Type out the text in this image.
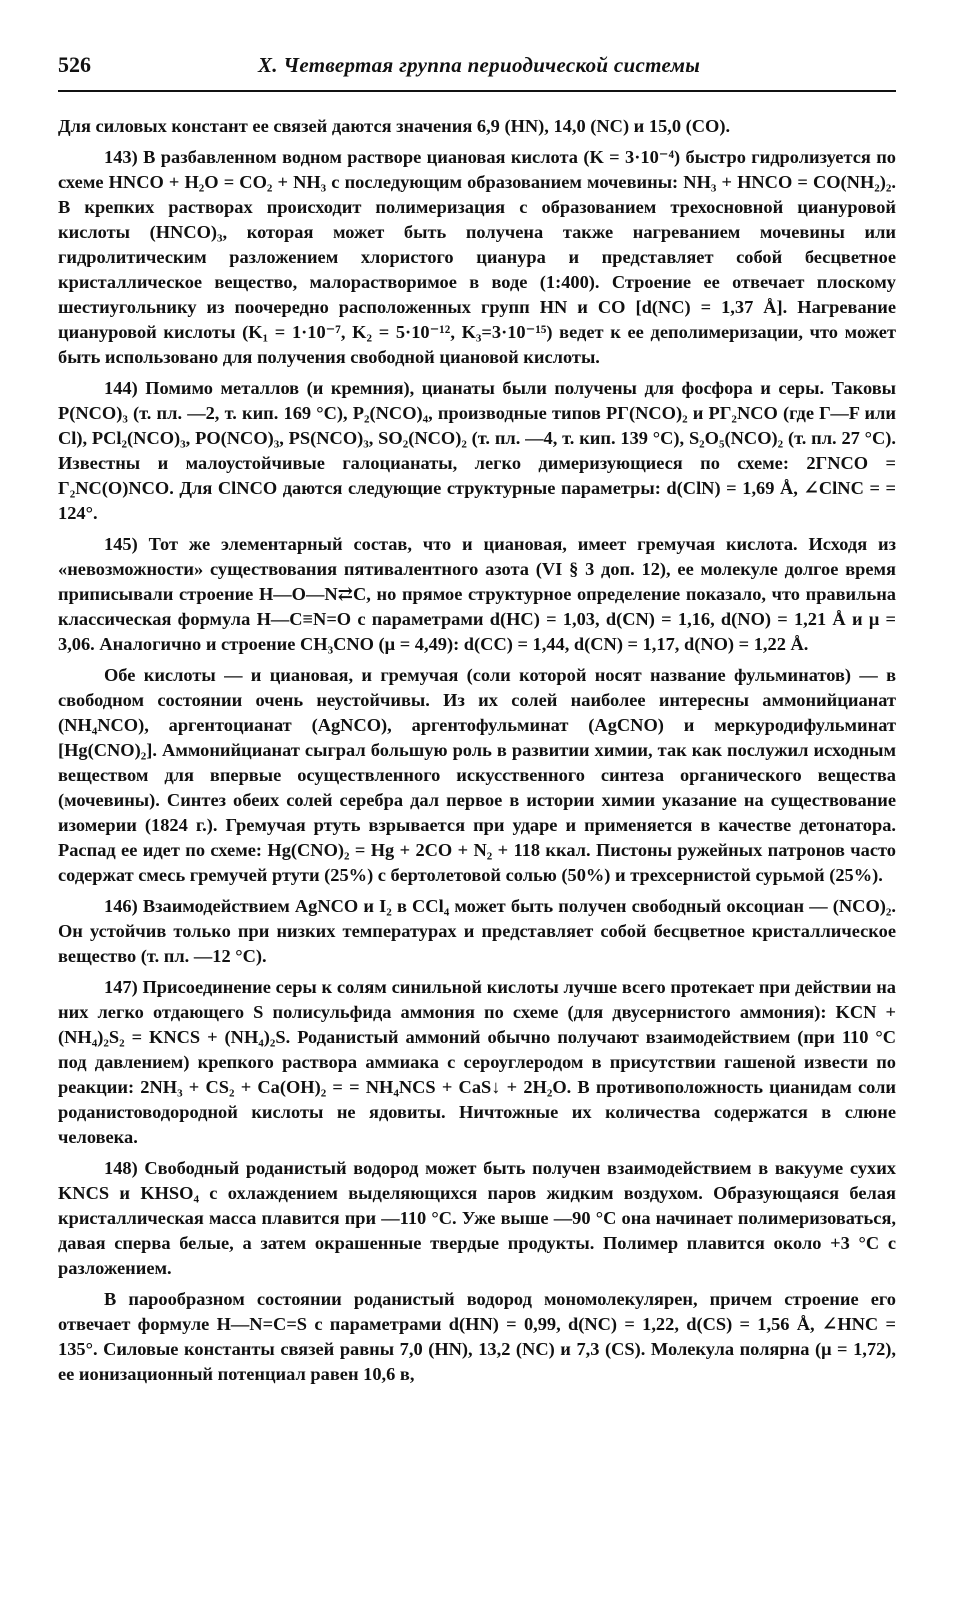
526	X. Четвертая группа периодической системы

Для силовых констант ее связей даются значения 6,9 (HN), 14,0 (NC) и 15,0 (CO).

143) В разбавленном водном растворе циановая кислота (K = 3·10⁻⁴) быстро гидролизуется по схеме HNCO + H₂O = CO₂ + NH₃ с последующим образованием мочевины: NH₃ + HNCO = CO(NH₂)₂. В крепких растворах происходит полимеризация с образованием трехосновной циануровой кислоты (HNCO)₃, которая может быть получена также нагреванием мочевины или гидролитическим разложением хлористого циануpa и представляет собой бесцветное кристаллическое вещество, малорастворимое в воде (1:400). Строение ее отвечает плоскому шестиугольнику из поочередно расположенных групп HN и CO [d(NC) = 1,37 Å]. Нагревание циануровой кислоты (K₁ = 1·10⁻⁷, K₂ = 5·10⁻¹², K₃=3·10⁻¹⁵) ведет к ее деполимеризации, что может быть использовано для получения свободной циановой кислоты.

144) Помимо металлов (и кремния), цианаты были получены для фосфора и серы. Таковы P(NCO)₃ (т. пл. —2, т. кип. 169 °C), P₂(NCO)₄, производные типов PГ(NCO)₂ и PГ₂NCO (где Г—F или Cl), PCl₂(NCO)₃, PO(NCO)₃, PS(NCO)₃, SO₂(NCO)₂ (т. пл. —4, т. кип. 139 °C), S₂O₅(NCO)₂ (т. пл. 27 °C). Известны и малоустойчивые галоцианаты, легко димеризующиеся по схеме: 2ГNCO = Г₂NC(O)NCO. Для ClNCO даются следующие структурные параметры: d(ClN) = 1,69 Å, ∠ClNC = = 124°.

145) Тот же элементарный состав, что и циановая, имеет гремучая кислота. Исходя из «невозможности» существования пятивалентного азота (VI § 3 доп. 12), ее молекуле долгое время приписывали строение H—O—N⇄C, но прямое структурное определение показало, что правильна классическая формула H—C≡N=O с параметрами d(HC) = 1,03, d(CN) = 1,16, d(NO) = 1,21 Å и μ = 3,06. Аналогично и строение CH₃CNO (μ = 4,49): d(CC) = 1,44, d(CN) = 1,17, d(NO) = 1,22 Å.

Обе кислоты — и циановая, и гремучая (соли которой носят название фульминатов) — в свободном состоянии очень неустойчивы. Из их солей наиболее интересны аммонийцианат (NH₄NCO), аргентоцианат (AgNCO), аргентофульминат (AgCNO) и меркуродифульминат [Hg(CNO)₂]. Аммонийцианат сыграл большую роль в развитии химии, так как послужил исходным веществом для впервые осуществленного искусственного синтеза органического вещества (мочевины). Синтез обеих солей серебра дал первое в истории химии указание на существование изомерии (1824 г.). Гремучая ртуть взрывается при ударе и применяется в качестве детонатора. Распад ее идет по схеме: Hg(CNO)₂ = Hg + 2CO + N₂ + 118 ккал. Пистоны ружейных патронов часто содержат смесь гремучей ртути (25%) с бертолетовой солью (50%) и трехсернистой сурьмой (25%).

146) Взаимодействием AgNCO и I₂ в CCl₄ может быть получен свободный оксоциан — (NCO)₂. Он устойчив только при низких температурах и представляет собой бесцветное кристаллическое вещество (т. пл. —12 °C).

147) Присоединение серы к солям синильной кислоты лучше всего протекает при действии на них легко отдающего S полисульфида аммония по схеме (для двусернистого аммония): KCN + (NH₄)₂S₂ = KNCS + (NH₄)₂S. Роданистый аммоний обычно получают взаимодействием (при 110 °C под давлением) крепкого раствора аммиака с сероуглеродом в присутствии гашеной извести по реакции: 2NH₃ + CS₂ + Ca(OH)₂ = = NH₄NCS + CaS↓ + 2H₂O. В противоположность цианидам соли роданистоводородной кислоты не ядовиты. Ничтожные их количества содержатся в слюне человека.

148) Свободный роданистый водород может быть получен взаимодействием в вакууме сухих KNCS и KHSO₄ с охлаждением выделяющихся паров жидким воздухом. Образующаяся белая кристаллическая масса плавится при —110 °C. Уже выше —90 °C она начинает полимеризоваться, давая сперва белые, а затем окрашенные твердые продукты. Полимер плавится около +3 °C с разложением.

В парообразном состоянии роданистый водород мономолекулярен, причем строение его отвечает формуле H—N=C=S с параметрами d(HN) = 0,99, d(NC) = 1,22, d(CS) = 1,56 Å, ∠HNC = 135°. Силовые константы связей равны 7,0 (HN), 13,2 (NC) и 7,3 (CS). Молекула полярна (μ = 1,72), ее ионизационный потенциал равен 10,6 в,
